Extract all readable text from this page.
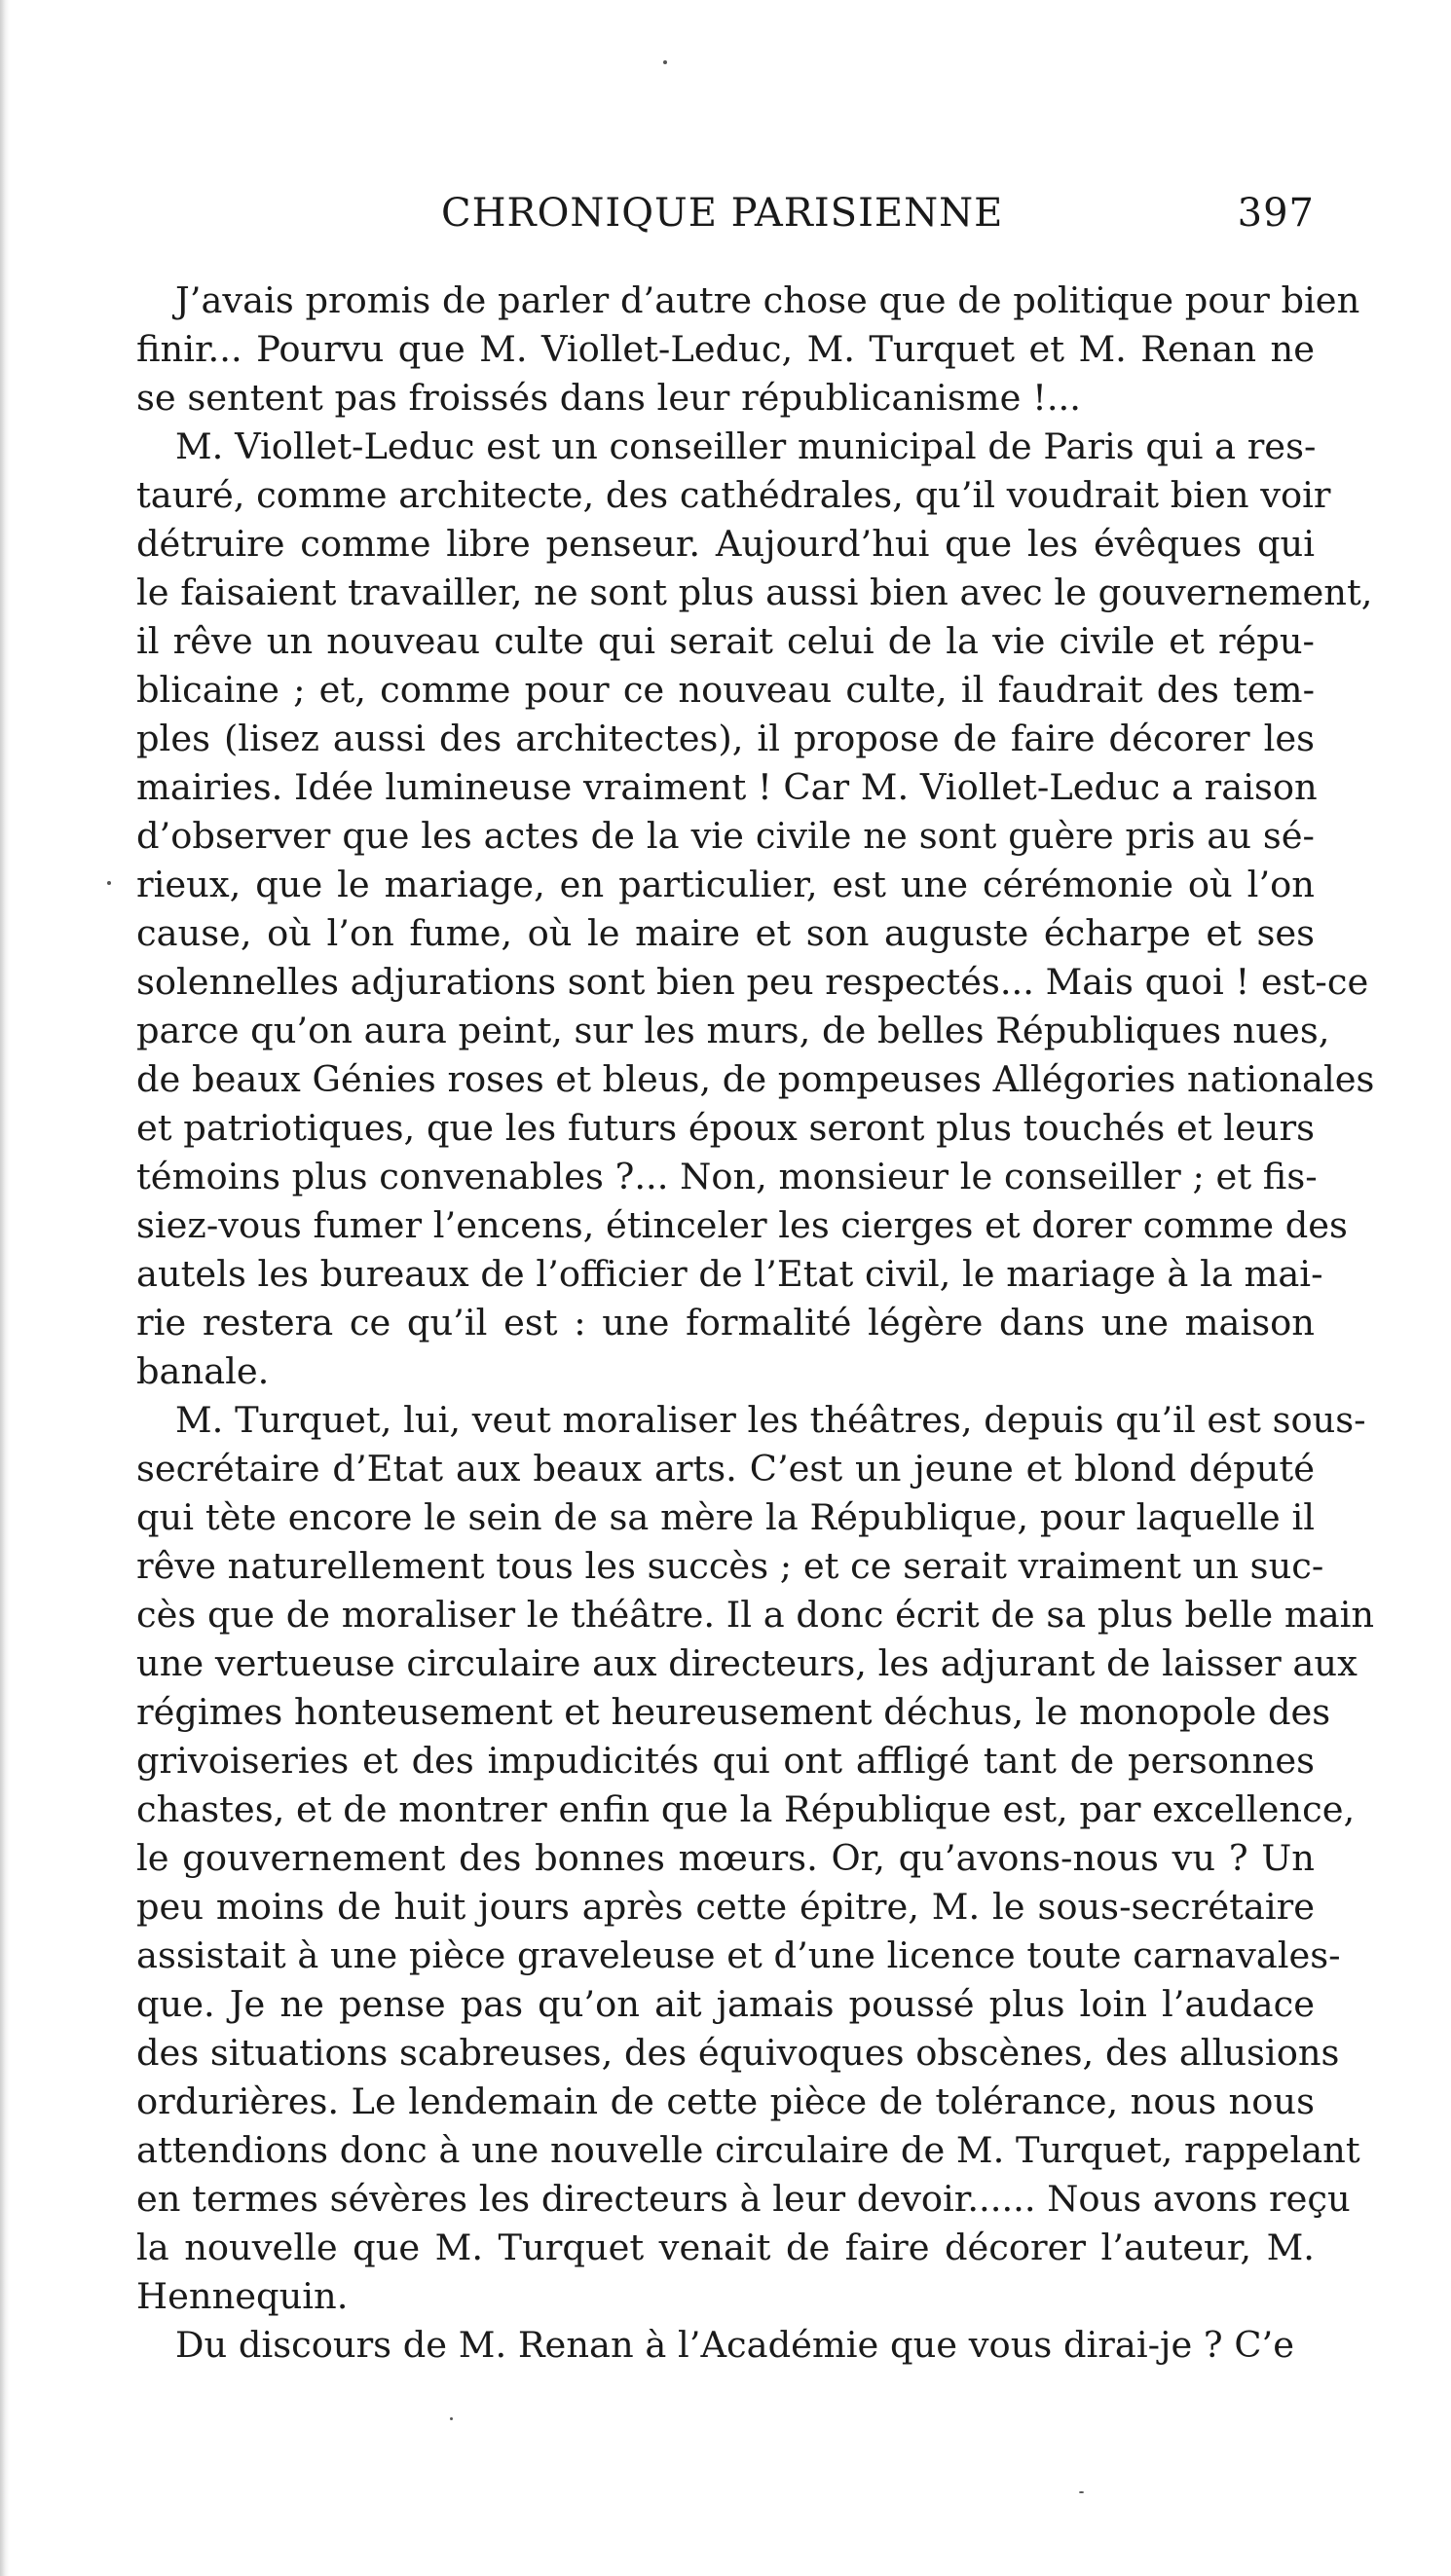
CHRONIQUE PARISIENNE	397
J’avais promis de parler d’autre chose que de politique pour bien
finir... Pourvu que M. Viollet-Leduc, M. Turquet et M. Renan ne
se sentent pas froissés dans leur républicanisme !...
M. Viollet-Leduc est un conseiller municipal de Paris qui a res-
tauré, comme architecte, des cathédrales, qu’il voudrait bien voir
détruire comme libre penseur. Aujourd’hui que les évêques qui
le faisaient travailler, ne sont plus aussi bien avec le gouvernement,
il rêve un nouveau culte qui serait celui de la vie civile et répu-
blicaine ; et, comme pour ce nouveau culte, il faudrait des tem-
ples (lisez aussi des architectes), il propose de faire décorer les
mairies. Idée lumineuse vraiment ! Car M. Viollet-Leduc a raison
d’observer que les actes de la vie civile ne sont guère pris au sé-
rieux, que le mariage, en particulier, est une cérémonie où l’on
cause, où l’on fume, où le maire et son auguste écharpe et ses
solennelles adjurations sont bien peu respectés... Mais quoi ! est-ce
parce qu’on aura peint, sur les murs, de belles Républiques nues,
de beaux Génies roses et bleus, de pompeuses Allégories nationales
et patriotiques, que les futurs époux seront plus touchés et leurs
témoins plus convenables ?... Non, monsieur le conseiller ; et fis-
siez-vous fumer l’encens, étinceler les cierges et dorer comme des
autels les bureaux de l’officier de l’Etat civil, le mariage à la mai-
rie restera ce qu’il est : une formalité légère dans une maison
banale.
M. Turquet, lui, veut moraliser les théâtres, depuis qu’il est sous-
secrétaire d’Etat aux beaux arts. C’est un jeune et blond député
qui tète encore le sein de sa mère la République, pour laquelle il
rêve naturellement tous les succès ; et ce serait vraiment un suc-
cès que de moraliser le théâtre. Il a donc écrit de sa plus belle main
une vertueuse circulaire aux directeurs, les adjurant de laisser aux
régimes honteusement et heureusement déchus, le monopole des
grivoiseries et des impudicités qui ont affligé tant de personnes
chastes, et de montrer enfin que la République est, par excellence,
le gouvernement des bonnes mœurs. Or, qu’avons-nous vu ? Un
peu moins de huit jours après cette épitre, M. le sous-secrétaire
assistait à une pièce graveleuse et d’une licence toute carnavales-
que. Je ne pense pas qu’on ait jamais poussé plus loin l’audace
des situations scabreuses, des équivoques obscènes, des allusions
ordurières. Le lendemain de cette pièce de tolérance, nous nous
attendions donc à une nouvelle circulaire de M. Turquet, rappelant
en termes sévères les directeurs à leur devoir...... Nous avons reçu
la nouvelle que M. Turquet venait de faire décorer l’auteur, M.
Hennequin.
Du discours de M. Renan à l’Académie que vous dirai-je ? C’e
